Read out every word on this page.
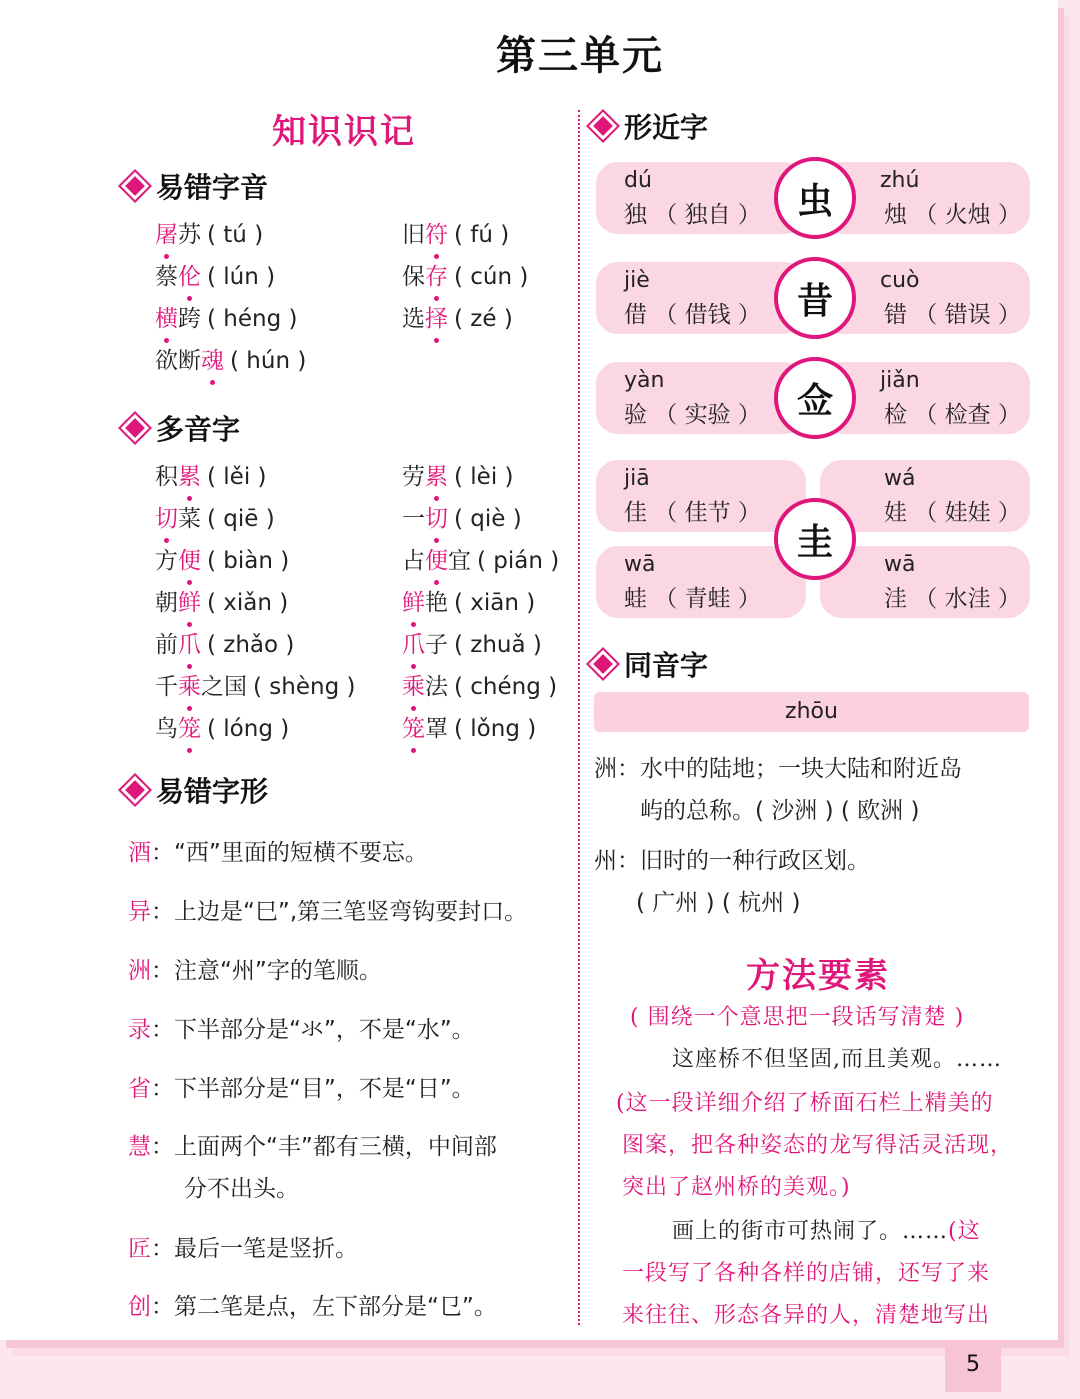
第三单元
知识识记
易错字音
屠苏 ( tú )	旧符 ( fú )
蔡伦 ( lún )	保存 ( cún )
横跨 ( héng )	选择 ( zé )
欲断魂 ( hún )
多音字
积累 ( lěi )	劳累 ( lèi )
切菜 ( qiē )	一切 ( qiè )
方便 ( biàn )	占便宜 ( pián )
朝鲜 ( xiǎn )	鲜艳 ( xiān )
前爪 ( zhǎo )	爪子 ( zhuǎ )
千乘之国 ( shèng ) 乘法 ( chéng )
鸟笼 ( lóng )	笼罩 ( lǒng )
易错字形
酒：“西”里面的短横不要忘。
异：上边是“巳”,第三笔竖弯钩要封口。
洲：注意“州”字的笔顺。
录：下半部分是“氺”，不是“水”。
省：下半部分是“目”，不是“日”。
慧：上面两个“丰”都有三横，中间部
分不出头。
匠：最后一笔是竖折。
创：第二笔是点，左下部分是“㔾”。
形近字
dú
独 （ 独自 ）
zhú
烛 （ 火烛 ）
虫
jiè
借 （ 借钱 ）
cuò
错 （ 错误 ）
昔
yàn
验 （ 实验 ）
jiǎn
检 （ 检查 ）
佥
jiā
佳 （ 佳节 ）
wá
娃 （ 娃娃 ）
wā
蛙 （ 青蛙 ）
wā
洼 （ 水洼 ）
圭
同音字
zhōu
洲：水中的陆地；一块大陆和附近岛
屿的总称。( 沙洲 ) ( 欧洲 )
州：旧时的一种行政区划。
( 广州 ) ( 杭州 )
方法要素
( 围绕一个意思把一段话写清楚 )
这座桥不但坚固,而且美观。……
(这一段详细介绍了桥面石栏上精美的
图案，把各种姿态的龙写得活灵活现，
突出了赵州桥的美观。)
画上的街市可热闹了。……(这
一段写了各种各样的店铺，还写了来
来往往、形态各异的人，清楚地写出
5
